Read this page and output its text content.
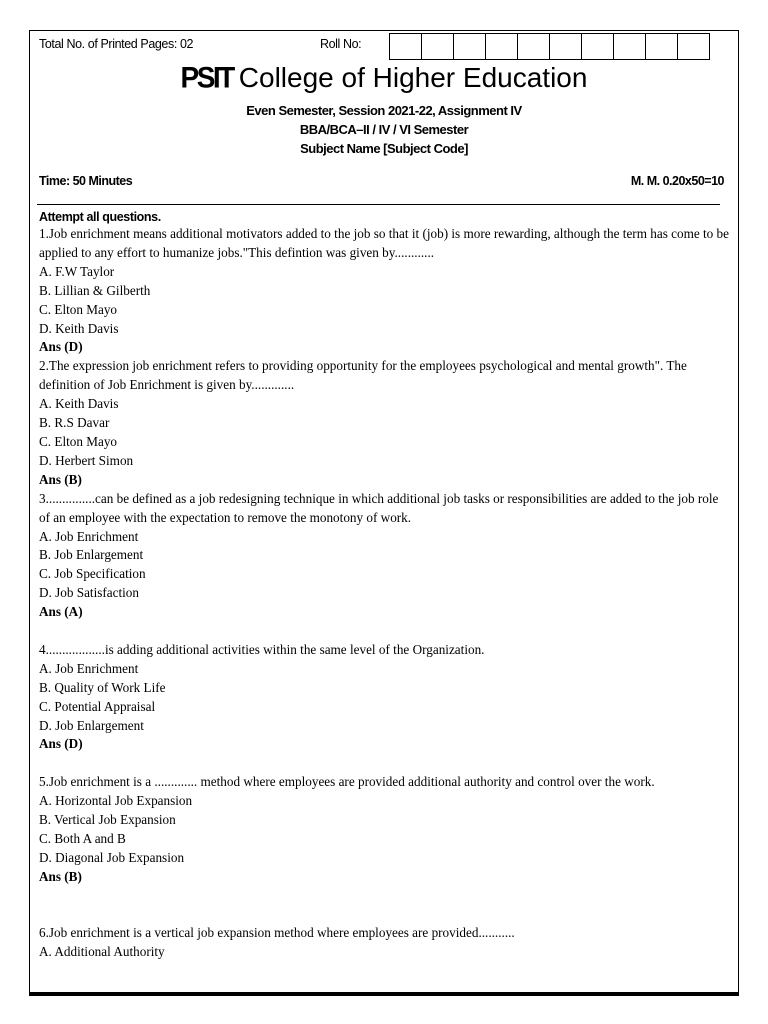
Total No. of Printed Pages: 02	Roll No:
PSIT College of Higher Education
Even Semester, Session 2021-22, Assignment IV
BBA/BCA–II / IV / VI Semester
Subject Name [Subject Code]
Time: 50 Minutes	M. M. 0.20x50=10
Attempt all questions.
1.Job enrichment means additional motivators added to the job so that it (job) is more rewarding, although the term has come to be applied to any effort to humanize jobs."This defintion was given by............
A. F.W Taylor
B. Lillian & Gilberth
C. Elton Mayo
D. Keith Davis
Ans (D)
2.The expression job enrichment refers to providing opportunity for the employees psychological and mental growth". The definition of Job Enrichment is given by.............
A. Keith Davis
B. R.S Davar
C. Elton Mayo
D. Herbert Simon
Ans (B)
3...............can be defined as a job redesigning technique in which additional job tasks or responsibilities are added to the job role of an employee with the expectation to remove the monotony of work.
A. Job Enrichment
B. Job Enlargement
C. Job Specification
D. Job Satisfaction
Ans (A)
4..................is adding additional activities within the same level of the Organization.
A. Job Enrichment
B. Quality of Work Life
C. Potential Appraisal
D. Job Enlargement
Ans (D)
5.Job enrichment is a ............. method where employees are provided additional authority and control over the work.
A. Horizontal Job Expansion
B. Vertical Job Expansion
C. Both A and B
D. Diagonal Job Expansion
Ans (B)
6.Job enrichment is a vertical job expansion method where employees are provided...........
A. Additional Authority
